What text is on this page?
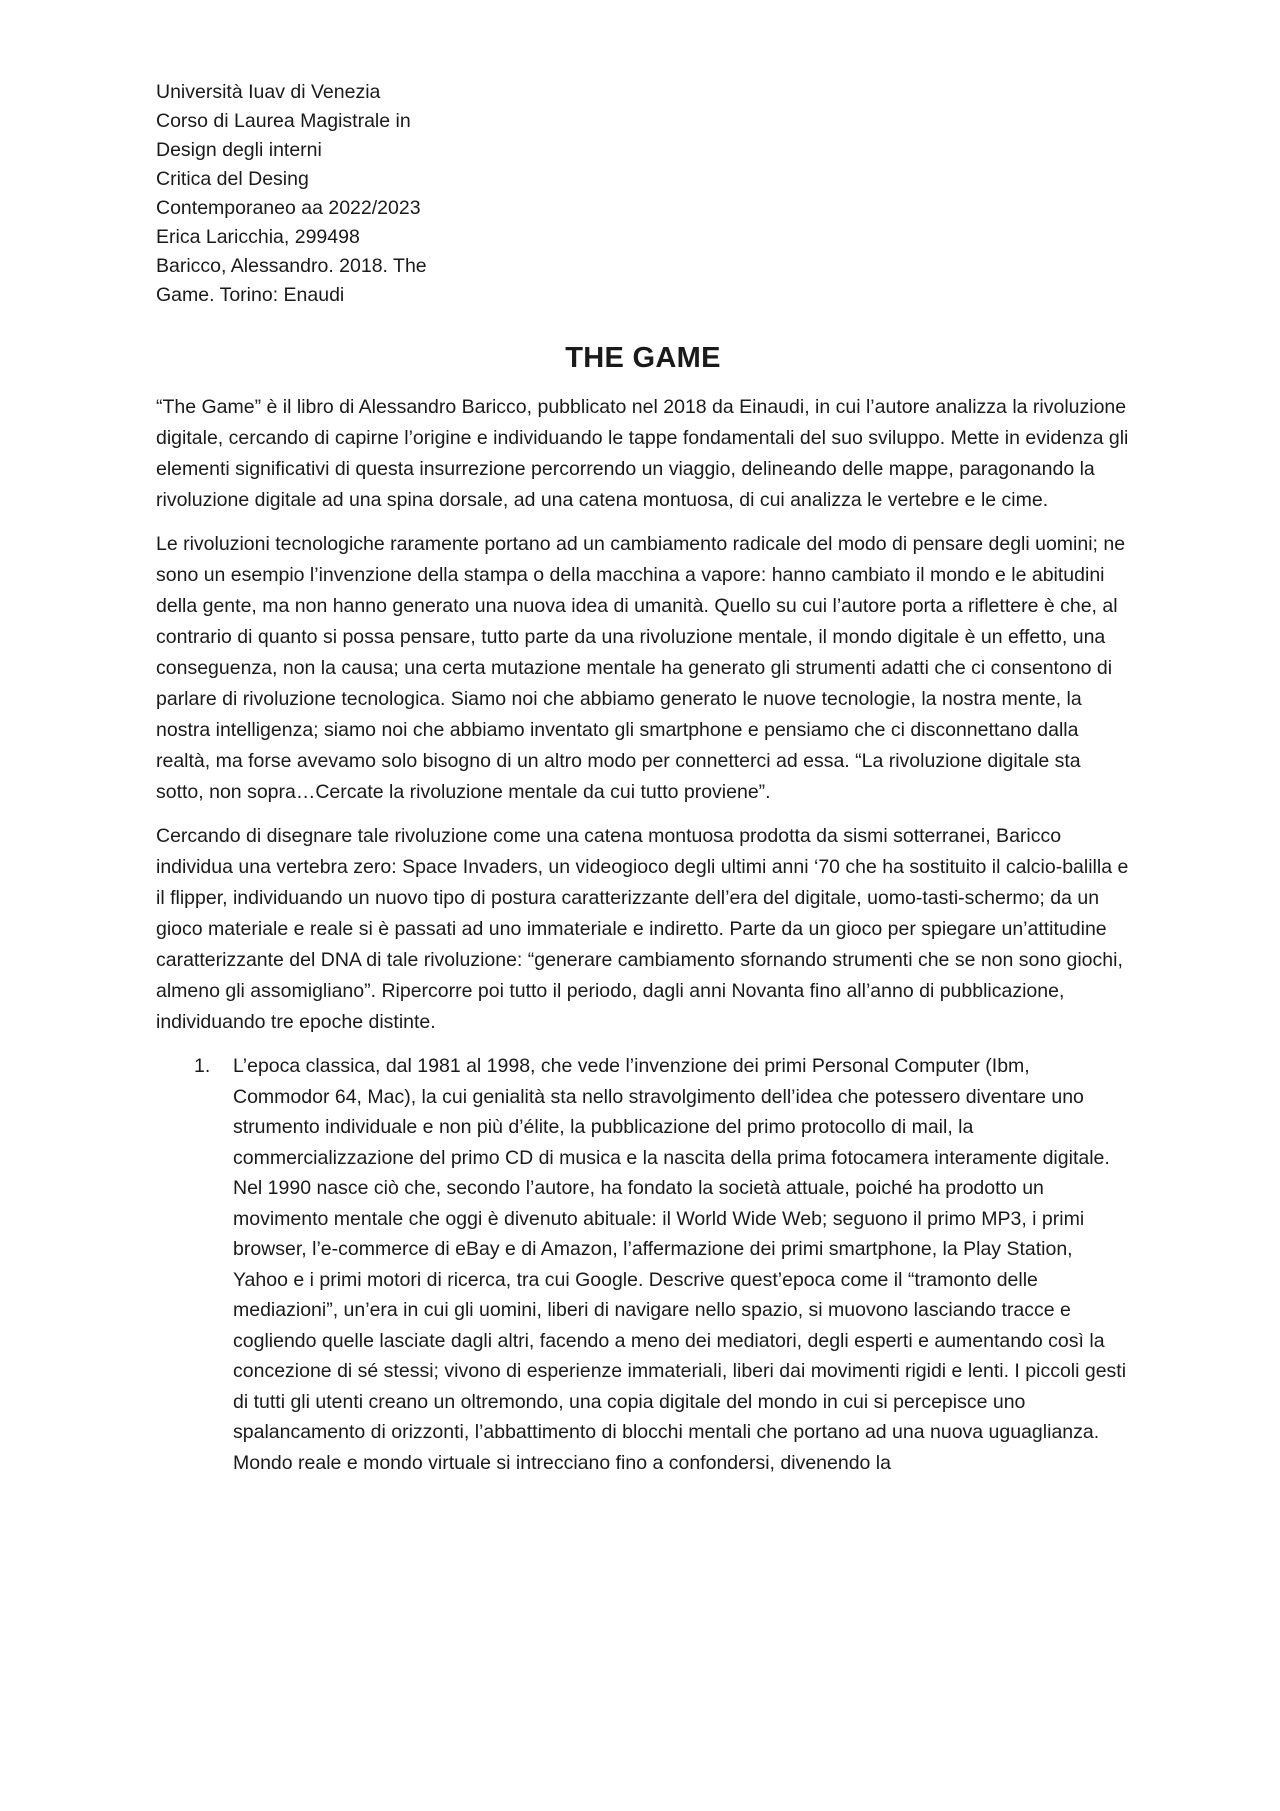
Università Iuav di Venezia
Corso di Laurea Magistrale in
Design degli interni
Critica del Desing
Contemporaneo aa 2022/2023
Erica Laricchia, 299498
Baricco, Alessandro. 2018. The
Game. Torino: Enaudi
THE GAME

“The Game” è il libro di Alessandro Baricco, pubblicato nel 2018 da Einaudi, in cui l’autore analizza la rivoluzione digitale, cercando di capirne l’origine e individuando le tappe fondamentali del suo sviluppo. Mette in evidenza gli elementi significativi di questa insurrezione percorrendo un viaggio, delineando delle mappe, paragonando la rivoluzione digitale ad una spina dorsale, ad una catena montuosa, di cui analizza le vertebre e le cime.

Le rivoluzioni tecnologiche raramente portano ad un cambiamento radicale del modo di pensare degli uomini; ne sono un esempio l’invenzione della stampa o della macchina a vapore: hanno cambiato il mondo e le abitudini della gente, ma non hanno generato una nuova idea di umanità. Quello su cui l’autore porta a riflettere è che, al contrario di quanto si possa pensare, tutto parte da una rivoluzione mentale, il mondo digitale è un effetto, una conseguenza, non la causa; una certa mutazione mentale ha generato gli strumenti adatti che ci consentono di parlare di rivoluzione tecnologica. Siamo noi che abbiamo generato le nuove tecnologie, la nostra mente, la nostra intelligenza; siamo noi che abbiamo inventato gli smartphone e pensiamo che ci disconnettano dalla realtà, ma forse avevamo solo bisogno di un altro modo per connetterci ad essa. “La rivoluzione digitale sta sotto, non sopra…Cercate la rivoluzione mentale da cui tutto proviene”.

Cercando di disegnare tale rivoluzione come una catena montuosa prodotta da sismi sotterranei, Baricco individua una vertebra zero: Space Invaders, un videogioco degli ultimi anni ‘70 che ha sostituito il calcio-balilla e il flipper, individuando un nuovo tipo di postura caratterizzante dell’era del digitale, uomo-tasti-schermo; da un gioco materiale e reale si è passati ad uno immateriale e indiretto. Parte da un gioco per spiegare un’attitudine caratterizzante del DNA di tale rivoluzione: “generare cambiamento sfornando strumenti che se non sono giochi, almeno gli assomigliano”. Ripercorre poi tutto il periodo, dagli anni Novanta fino all’anno di pubblicazione, individuando tre epoche distinte.

1. L’epoca classica, dal 1981 al 1998, che vede l’invenzione dei primi Personal Computer (Ibm, Commodor 64, Mac), la cui genialità sta nello stravolgimento dell’idea che potessero diventare uno strumento individuale e non più d’élite, la pubblicazione del primo protocollo di mail, la commercializzazione del primo CD di musica e la nascita della prima fotocamera interamente digitale. Nel 1990 nasce ciò che, secondo l’autore, ha fondato la società attuale, poiché ha prodotto un movimento mentale che oggi è divenuto abituale: il World Wide Web; seguono il primo MP3, i primi browser, l’e-commerce di eBay e di Amazon, l’affermazione dei primi smartphone, la Play Station, Yahoo e i primi motori di ricerca, tra cui Google. Descrive quest’epoca come il “tramonto delle mediazioni”, un’era in cui gli uomini, liberi di navigare nello spazio, si muovono lasciando tracce e cogliendo quelle lasciate dagli altri, facendo a meno dei mediatori, degli esperti e aumentando così la concezione di sé stessi; vivono di esperienze immateriali, liberi dai movimenti rigidi e lenti. I piccoli gesti di tutti gli utenti creano un oltremondo, una copia digitale del mondo in cui si percepisce uno spalancamento di orizzonti, l’abbattimento di blocchi mentali che portano ad una nuova uguaglianza. Mondo reale e mondo virtuale si intrecciano fino a confondersi, divenendo la
